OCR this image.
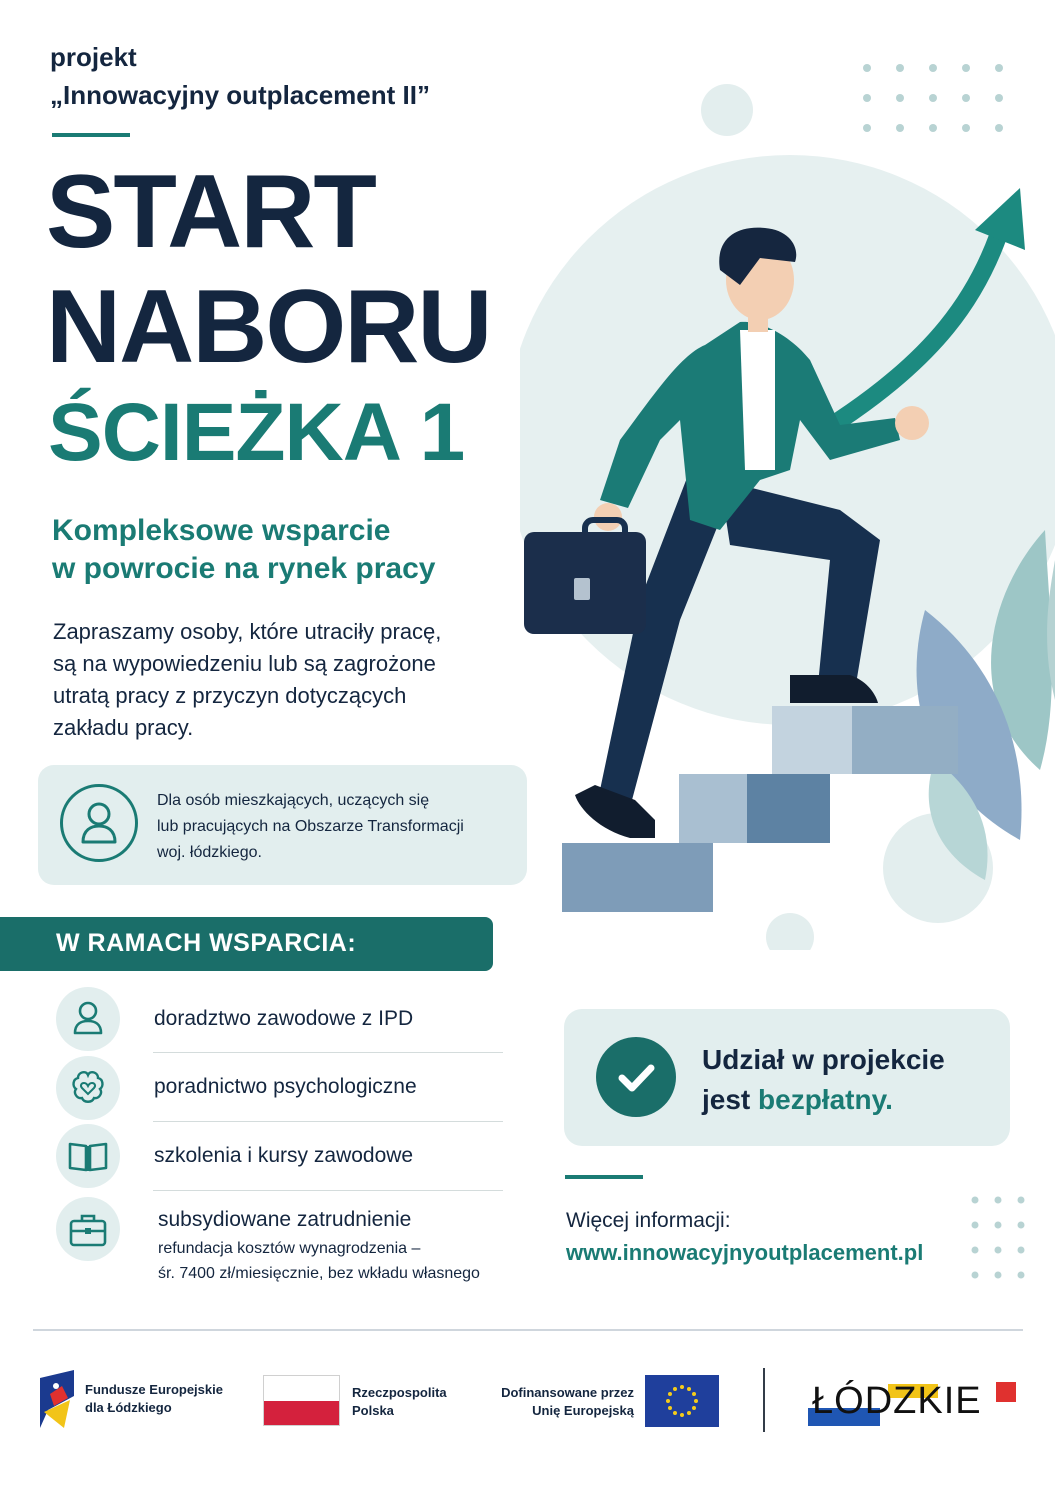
projekt
„Innowacyjny outplacement II”
START
NABORU
ŚCIEŻKA 1
Kompleksowe wsparcie
w powrocie na rynek pracy
Zapraszamy osoby, które utraciły pracę,
są na wypowiedzeniu lub są zagrożone
utratą pracy z przyczyn dotyczących
zakładu pracy.
Dla osób mieszkających, uczących się
lub pracujących na Obszarze Transformacji
woj. łódzkiego.
W RAMACH WSPARCIA:
doradztwo zawodowe z IPD
poradnictwo psychologiczne
szkolenia i kursy zawodowe
subsydiowane zatrudnienie
refundacja kosztów wynagrodzenia –
śr. 7400 zł/miesięcznie, bez wkładu własnego
Udział w projekcie
jest bezpłatny.
Więcej informacji:
www.innowacyjnyoutplacement.pl
Fundusze Europejskie
dla Łódzkiego
Rzeczpospolita
Polska
Dofinansowane przez
Unię Europejską	ŁÓDZKIE
